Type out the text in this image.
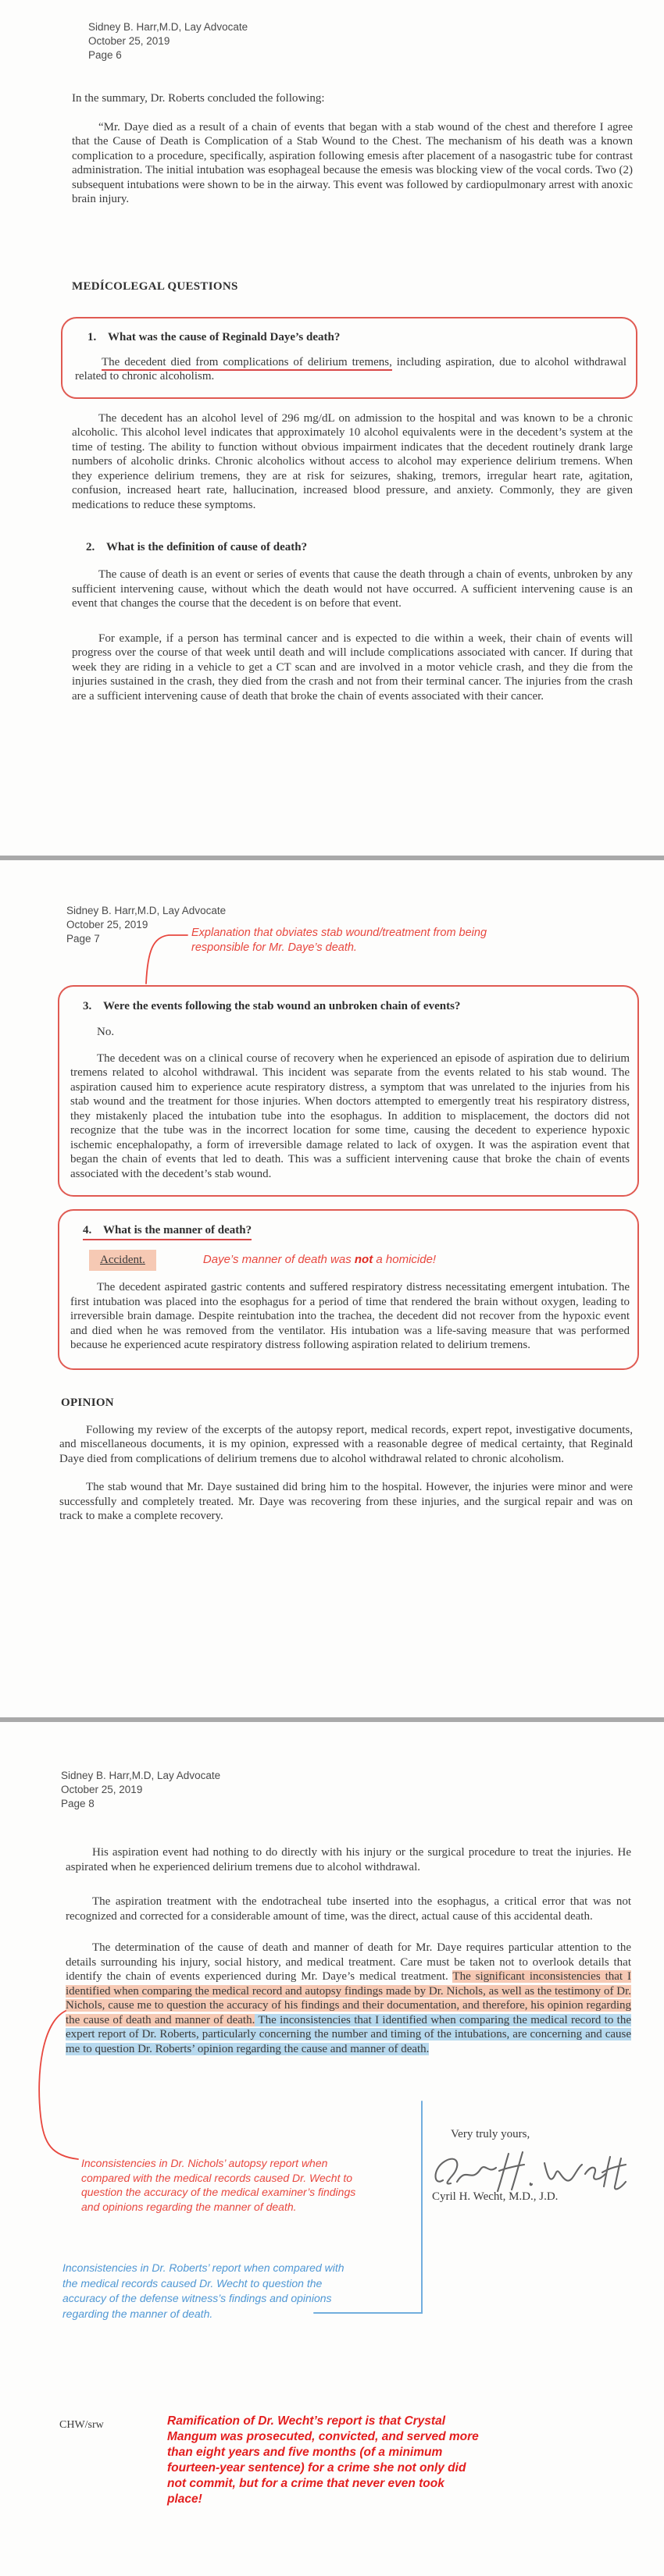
Sidney B. Harr,M.D, Lay Advocate
October 25, 2019
Page 6

In the summary, Dr. Roberts concluded the following:

“Mr. Daye died as a result of a chain of events that began with a stab wound of the chest and therefore I agree that the Cause of Death is Complication of a Stab Wound to the Chest. The mechanism of his death was a known complication to a procedure, specifically, aspiration following emesis after placement of a nasogastric tube for contrast administration. The initial intubation was esophageal because the emesis was blocking view of the vocal cords. Two (2) subsequent intubations were shown to be in the airway. This event was followed by cardiopulmonary arrest with anoxic brain injury.

MEDÍCOLEGAL QUESTIONS

1. What was the cause of Reginald Daye’s death?

The decedent died from complications of delirium tremens, including aspiration, due to alcohol withdrawal related to chronic alcoholism.

The decedent has an alcohol level of 296 mg/dL on admission to the hospital and was known to be a chronic alcoholic. This alcohol level indicates that approximately 10 alcohol equivalents were in the decedent’s system at the time of testing. The ability to function without obvious impairment indicates that the decedent routinely drank large numbers of alcoholic drinks. Chronic alcoholics without access to alcohol may experience delirium tremens. When they experience delirium tremens, they are at risk for seizures, shaking, tremors, irregular heart rate, agitation, confusion, increased heart rate, hallucination, increased blood pressure, and anxiety. Commonly, they are given medications to reduce these symptoms.

2. What is the definition of cause of death?

The cause of death is an event or series of events that cause the death through a chain of events, unbroken by any sufficient intervening cause, without which the death would not have occurred. A sufficient intervening cause is an event that changes the course that the decedent is on before that event.

For example, if a person has terminal cancer and is expected to die within a week, their chain of events will progress over the course of that week until death and will include complications associated with cancer. If during that week they are riding in a vehicle to get a CT scan and are involved in a motor vehicle crash, and they die from the injuries sustained in the crash, they died from the crash and not from their terminal cancer. The injuries from the crash are a sufficient intervening cause of death that broke the chain of events associated with their cancer.

Sidney B. Harr,M.D, Lay Advocate
October 25, 2019
Page 7	Explanation that obviates stab wound/treatment from being responsible for Mr. Daye’s death.

3. Were the events following the stab wound an unbroken chain of events?

No.

The decedent was on a clinical course of recovery when he experienced an episode of aspiration due to delirium tremens related to alcohol withdrawal. This incident was separate from the events related to his stab wound. The aspiration caused him to experience acute respiratory distress, a symptom that was unrelated to the injuries from his stab wound and the treatment for those injuries. When doctors attempted to emergently treat his respiratory distress, they mistakenly placed the intubation tube into the esophagus. In addition to misplacement, the doctors did not recognize that the tube was in the incorrect location for some time, causing the decedent to experience hypoxic ischemic encephalopathy, a form of irreversible damage related to lack of oxygen. It was the aspiration event that began the chain of events that led to death. This was a sufficient intervening cause that broke the chain of events associated with the decedent’s stab wound.

4. What is the manner of death?

Accident.	Daye’s manner of death was not a homicide!

The decedent aspirated gastric contents and suffered respiratory distress necessitating emergent intubation. The first intubation was placed into the esophagus for a period of time that rendered the brain without oxygen, leading to irreversible brain damage. Despite reintubation into the trachea, the decedent did not recover from the hypoxic event and died when he was removed from the ventilator. His intubation was a life-saving measure that was performed because he experienced acute respiratory distress following aspiration related to delirium tremens.

OPINION

Following my review of the excerpts of the autopsy report, medical records, expert repot, investigative documents, and miscellaneous documents, it is my opinion, expressed with a reasonable degree of medical certainty, that Reginald Daye died from complications of delirium tremens due to alcohol withdrawal related to chronic alcoholism.

The stab wound that Mr. Daye sustained did bring him to the hospital. However, the injuries were minor and were successfully and completely treated. Mr. Daye was recovering from these injuries, and the surgical repair and was on track to make a complete recovery.

Sidney B. Harr,M.D, Lay Advocate
October 25, 2019
Page 8

His aspiration event had nothing to do directly with his injury or the surgical procedure to treat the injuries. He aspirated when he experienced delirium tremens due to alcohol withdrawal.

The aspiration treatment with the endotracheal tube inserted into the esophagus, a critical error that was not recognized and corrected for a considerable amount of time, was the direct, actual cause of this accidental death.

The determination of the cause of death and manner of death for Mr. Daye requires particular attention to the details surrounding his injury, social history, and medical treatment. Care must be taken not to overlook details that identify the chain of events experienced during Mr. Daye’s medical treatment. The significant inconsistencies that I identified when comparing the medical record and autopsy findings made by Dr. Nichols, as well as the testimony of Dr. Nichols, cause me to question the accuracy of his findings and their documentation, and therefore, his opinion regarding the cause of death and manner of death. The inconsistencies that I identified when comparing the medical record to the expert report of Dr. Roberts, particularly concerning the number and timing of the intubations, are concerning and cause me to question Dr. Roberts’ opinion regarding the cause and manner of death.

Very truly yours,

Cyril H. Wecht, M.D., J.D.

Inconsistencies in Dr. Nichols’ autopsy report when compared with the medical records caused Dr. Wecht to question the accuracy of the medical examiner’s findings and opinions regarding the manner of death.

Inconsistencies in Dr. Roberts’ report when compared with the medical records caused Dr. Wecht to question the accuracy of the defense witness’s findings and opinions regarding the manner of death.

CHW/srw	Ramification of Dr. Wecht’s report is that Crystal Mangum was prosecuted, convicted, and served more than eight years and five months (of a minimum fourteen-year sentence) for a crime she not only did not commit, but for a crime that never even took place!
